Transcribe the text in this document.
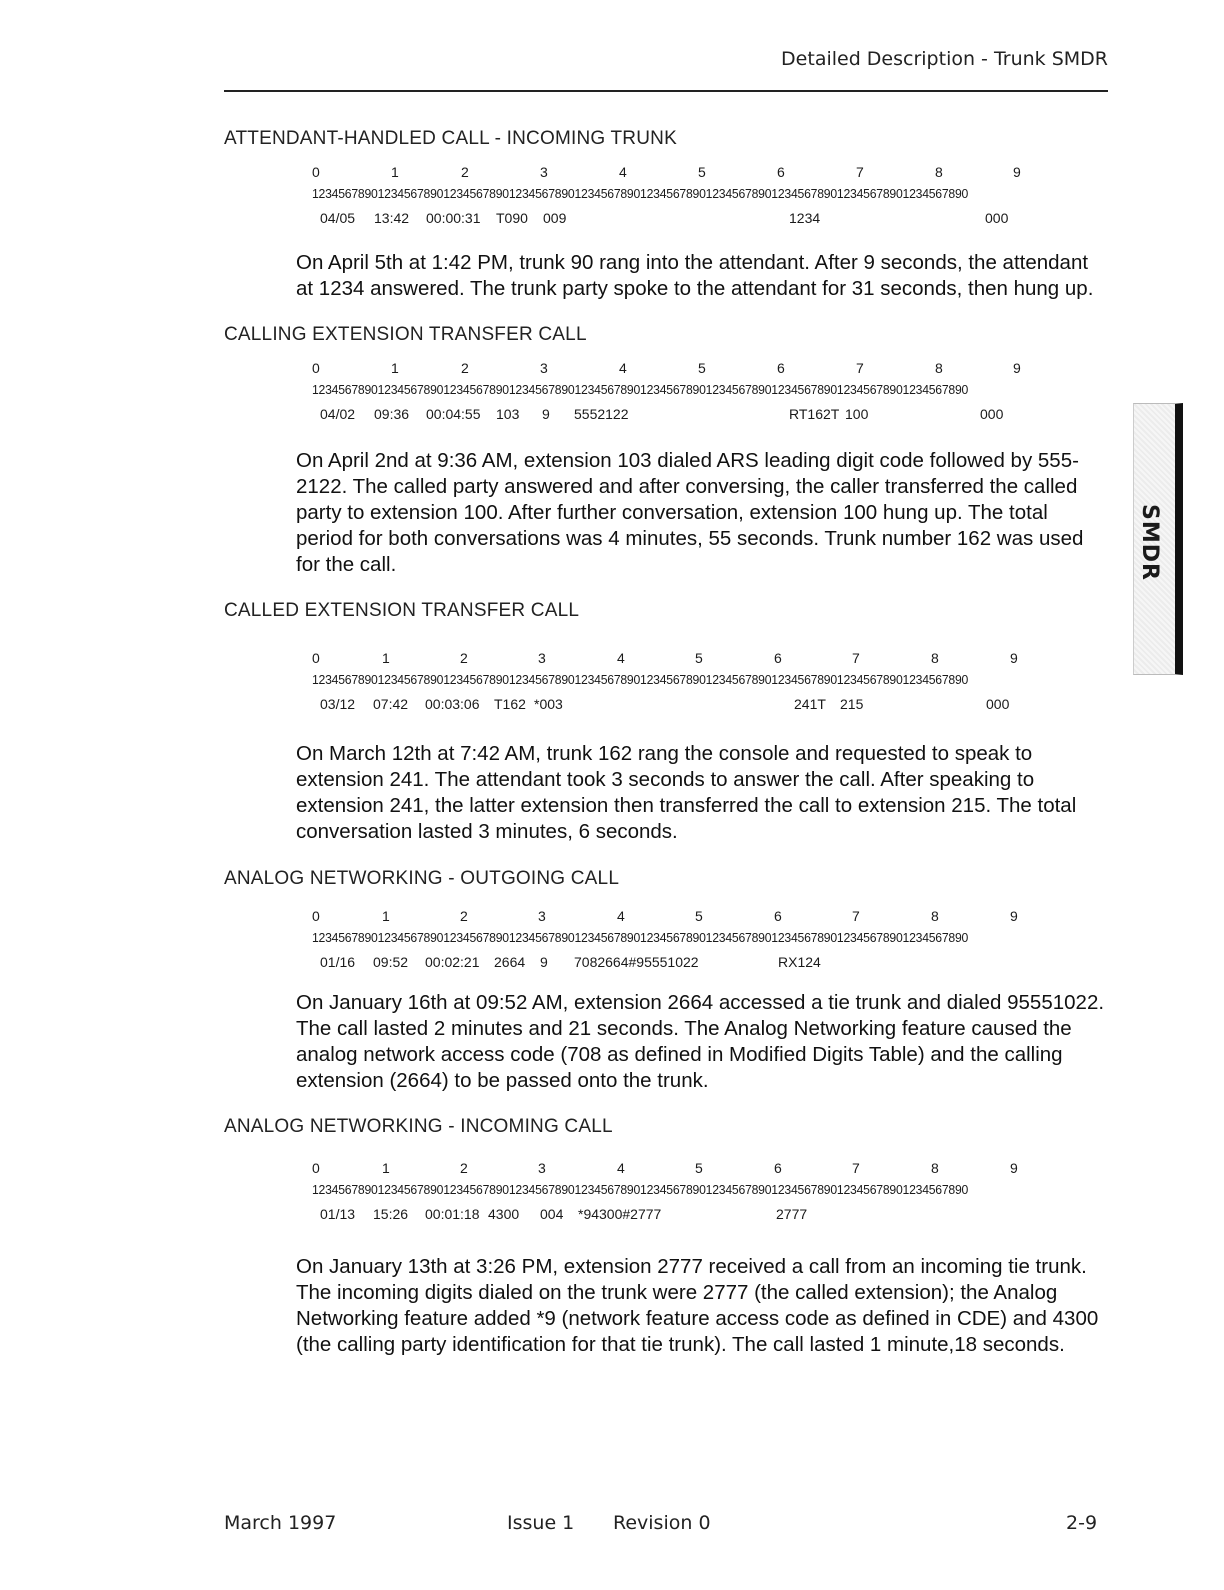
Detailed Description - Trunk SMDR
SMDR
ATTENDANT-HANDLED CALL - INCOMING TRUNK
0	1	2	3	4	5	6	7	8	9
1234567890123456789012345678901234567890123456789012345678901234567890123456789012345678901234567890
04/05 13:42 00:00:31 T090 009	1234	000
On April 5th at 1:42 PM, trunk 90 rang into the attendant. After 9 seconds, the attendant at 1234 answered. The trunk party spoke to the attendant for 31 seconds, then hung up.
CALLING EXTENSION TRANSFER CALL
0	1	2	3	4	5	6	7	8	9
1234567890123456789012345678901234567890123456789012345678901234567890123456789012345678901234567890
04/02 09:36 00:04:55 103 9 5552122	RT162T 100	000
On April 2nd at 9:36 AM, extension 103 dialed ARS leading digit code followed by 555-2122. The called party answered and after conversing, the caller transferred the called party to extension 100. After further conversation, extension 100 hung up. The total period for both conversations was 4 minutes, 55 seconds. Trunk number 162 was used for the call.
CALLED EXTENSION TRANSFER CALL
0	1	2	3	4	5	6	7	8	9
1234567890123456789012345678901234567890123456789012345678901234567890123456789012345678901234567890
03/12 07:42 00:03:06 T162 *003	241T 215	000
On March 12th at 7:42 AM, trunk 162 rang the console and requested to speak to extension 241. The attendant took 3 seconds to answer the call. After speaking to extension 241, the latter extension then transferred the call to extension 215. The total conversation lasted 3 minutes, 6 seconds.
ANALOG NETWORKING - OUTGOING CALL
0	1	2	3	4	5	6	7	8	9
1234567890123456789012345678901234567890123456789012345678901234567890123456789012345678901234567890
01/16 09:52 00:02:21 2664 9 7082664#95551022	RX124
On January 16th at 09:52 AM, extension 2664 accessed a tie trunk and dialed 95551022. The call lasted 2 minutes and 21 seconds. The Analog Networking feature caused the analog network access code (708 as defined in Modified Digits Table) and the calling extension (2664) to be passed onto the trunk.
ANALOG NETWORKING - INCOMING CALL
0	1	2	3	4	5	6	7	8	9
1234567890123456789012345678901234567890123456789012345678901234567890123456789012345678901234567890
01/13 15:26 00:01:18 4300 004 *94300#2777	2777
On January 13th at 3:26 PM, extension 2777 received a call from an incoming tie trunk. The incoming digits dialed on the trunk were 2777 (the called extension); the Analog Networking feature added *9 (network feature access code as defined in CDE) and 4300 (the calling party identification for that tie trunk). The call lasted 1 minute,18 seconds.
March 1997	Issue 1 Revision 0	2-9
